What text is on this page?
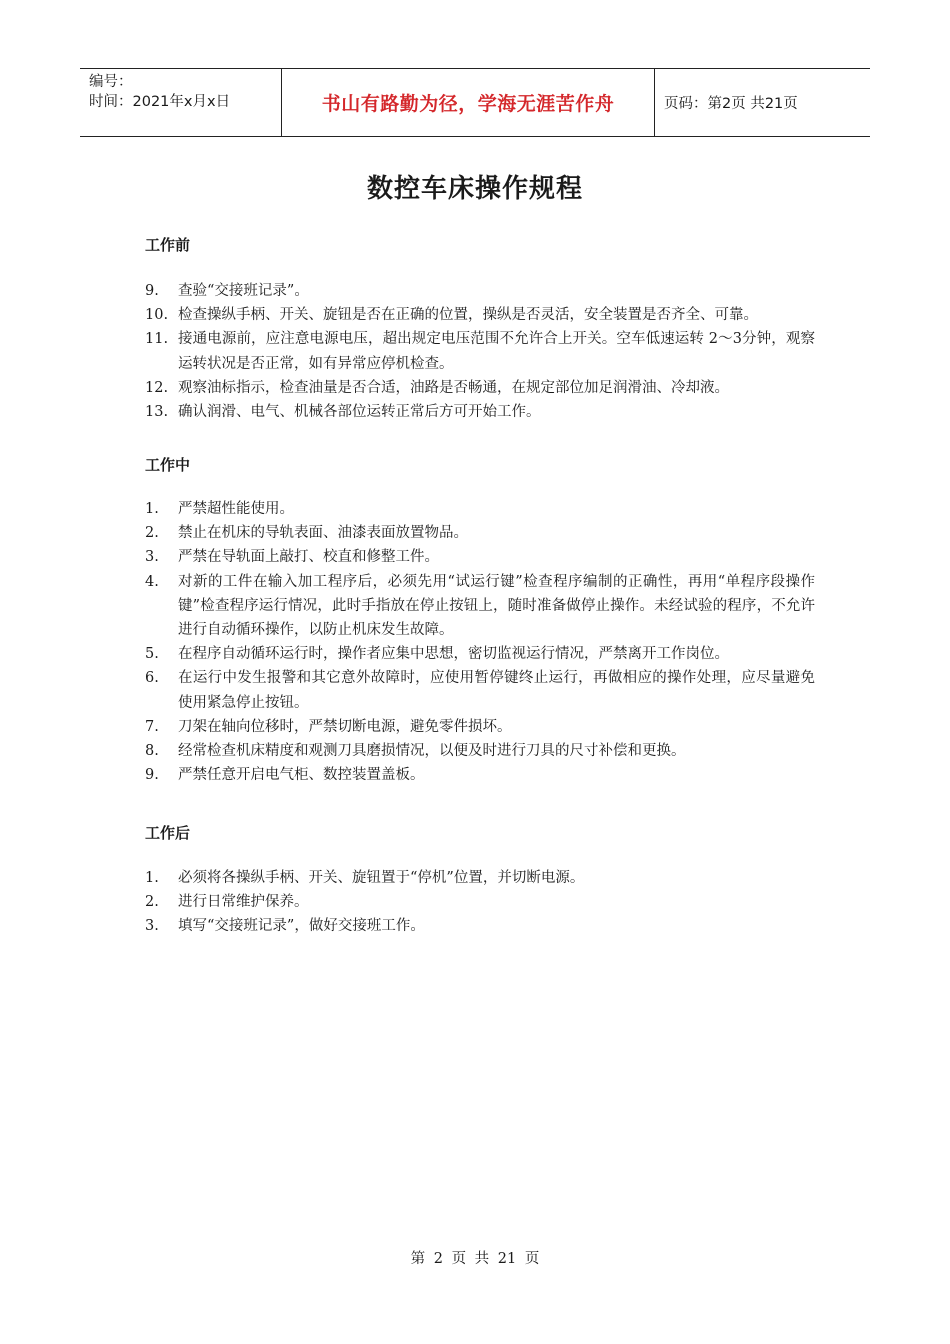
编号：
时间：2021年x月x日	书山有路勤为径，学海无涯苦作舟	页码：第2页 共21页
数控车床操作规程
工作前
9.	查验“交接班记录”。
10. 检查操纵手柄、开关、旋钮是否在正确的位置，操纵是否灵活，安全装置是否齐全、可靠。
11. 接通电源前，应注意电源电压，超出规定电压范围不允许合上开关。空车低速运转 2～3分钟，观察运转状况是否正常，如有异常应停机检查。
12. 观察油标指示，检查油量是否合适，油路是否畅通，在规定部位加足润滑油、冷却液。
13. 确认润滑、电气、机械各部位运转正常后方可开始工作。
工作中
1.	严禁超性能使用。
2.	禁止在机床的导轨表面、油漆表面放置物品。
3.	严禁在导轨面上敲打、校直和修整工件。
4.	对新的工件在输入加工程序后，必须先用“试运行键”检查程序编制的正确性，再用“单程序段操作键”检查程序运行情况，此时手指放在停止按钮上，随时准备做停止操作。未经试验的程序，不允许进行自动循环操作，以防止机床发生故障。
5.	在程序自动循环运行时，操作者应集中思想，密切监视运行情况，严禁离开工作岗位。
6.	在运行中发生报警和其它意外故障时，应使用暂停键终止运行，再做相应的操作处理，应尽量避免使用紧急停止按钮。
7.	刀架在轴向位移时，严禁切断电源，避免零件损坏。
8.	经常检查机床精度和观测刀具磨损情况，以便及时进行刀具的尺寸补偿和更换。
9.	严禁任意开启电气柜、数控装置盖板。
工作后
1.	必须将各操纵手柄、开关、旋钮置于“停机”位置，并切断电源。
2.	进行日常维护保养。
3.	填写“交接班记录”，做好交接班工作。
第 2 页 共 21 页
